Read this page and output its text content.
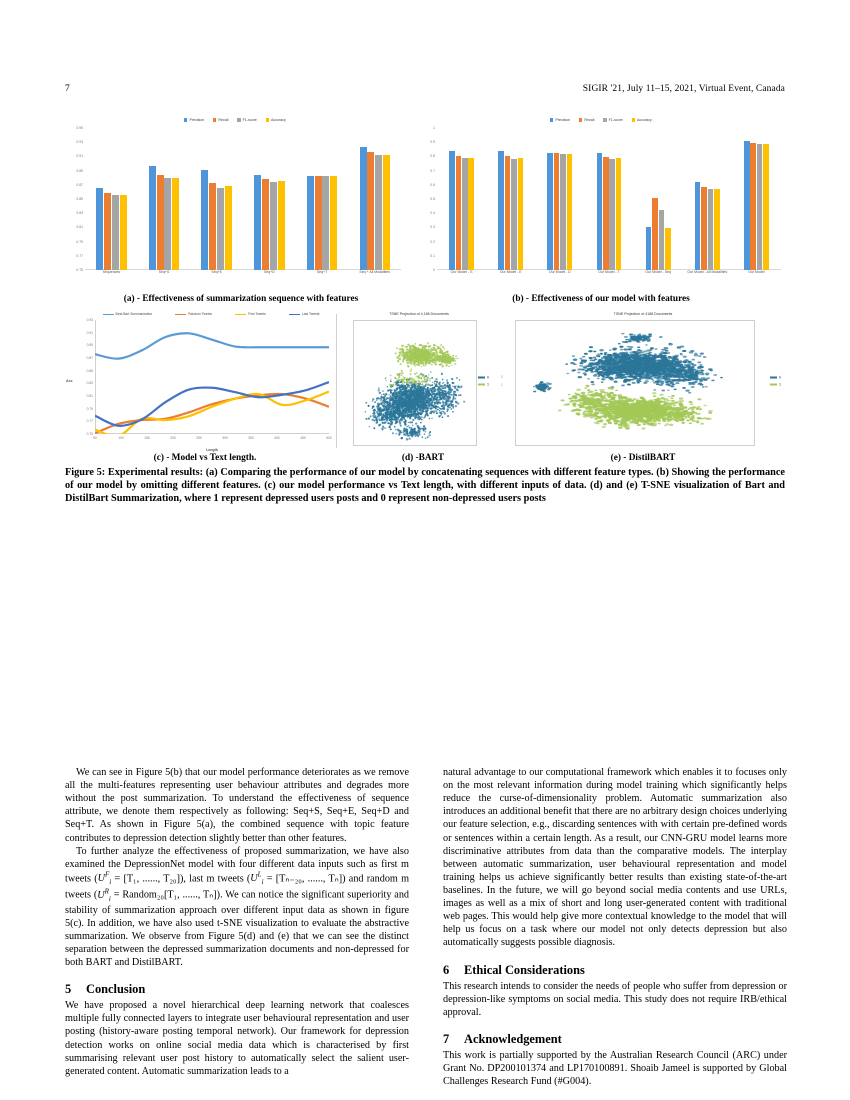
7	SIGIR '21, July 11–15, 2021, Virtual Event, Canada
Precision	Recall	F1-score	Accuracy
0.95
0.93
0.91
0.89
0.87
0.85
0.83
0.81
0.79
0.77
0.75	Sequences	Seq+S	Seq+E	Seq+D	Seq+T	Seq + All Modalities
Precision	Recall	F1-score	Accuracy
1
0.9
0.8
0.7
0.6
0.5
0.4
0.3
0.2
0.1
0	Our Model - S	Our Model - E	Our Model - D	Our Model - T	Our Model - Seq	Our Model - All Modalities	Our Model
(a) - Effectiveness of summarization sequence with features	(b) - Effectiveness of our model with features
Best-Bart Summarization	Random Tweets	First Tweets	Last Tweets
Acc
0.93
0.91
0.89
0.87
0.85
0.83
0.81
0.79
0.77
0.75
50	100	150	200	250	300	350	400	450	500
Length
TSNE Projection of 4,188 Documents
0
1
TSNE Projection of 4188 Documents
0
1
0
1
(c) - Model vs Text length.	(d) -BART	(e) - DistilBART
Figure 5: Experimental results: (a) Comparing the performance of our model by concatenating sequences with different feature types. (b) Showing the performance of our model by omitting different features. (c) our model performance vs Text length, with different inputs of data. (d) and (e) T-SNE visualization of Bart and DistilBart Summarization, where 1 represent depressed users posts and 0 represent non-depressed users posts

We can see in Figure 5(b) that our model performance deteriorates as we remove all the multi-features representing user behaviour attributes and degrades more without the post summarization. To understand the effectiveness of sequence attribute, we denote them respectively as following: Seq+S, Seq+E, Seq+D and Seq+T. As shown in Figure 5(a), the combined sequence with topic feature contributes to depression detection slightly better than other features.

To further analyze the effectiveness of proposed summarization, we have also examined the DepressionNet model with four different data inputs such as first m tweets ($U^F_i = [T_1$, ......, T₂₀]), last m tweets ($U^L_i = [T_{n-20}$, ......, Tₙ]) and random m tweets ($U^R_i$ = Random₂₀[T₁, ......, Tₙ]). We can notice the significant superiority and stability of summarization approach over different input data as shown in figure 5(c). In addition, we have also used t-SNE visualization to evaluate the abstractive summarization. We observe from Figure 5(d) and (e) that we can see the distinct separation between the depressed summarization documents and non-depressed for both BART and DistilBART.

5	Conclusion

We have proposed a novel hierarchical deep learning network that coalesces multiple fully connected layers to integrate user behavioural representation and user posting (history-aware posting temporal network). Our framework for depression detection works on online social media data which is characterised by first summarising relevant user post history to automatically select the salient user-generated content. Automatic summarization leads to a

natural advantage to our computational framework which enables it to focuses only on the most relevant information during model training which significantly helps reduce the curse-of-dimensionality problem. Automatic summarization also introduces an additional benefit that there are no arbitrary design choices underlying our feature selection, e.g., discarding sentences with with certain pre-defined words or sentences within a certain length. As a result, our CNN-GRU model learns more discriminative attributes from data than the comparative models. The interplay between automatic summarization, user behavioural representation and model training helps us achieve significantly better results than existing state-of-the-art baselines. In the future, we will go beyond social media contents and use URLs, images as well as a mix of short and long user-generated content with traditional web pages. This would help give more contextual knowledge to the model that will help us focus on a task where our model not only detects depression but also automatically suggests possible diagnosis.

6	Ethical Considerations

This research intends to consider the needs of people who suffer from depression or depression-like symptoms on social media. This study does not require IRB/ethical approval.

7	Acknowledgement

This work is partially supported by the Australian Research Council (ARC) under Grant No. DP200101374 and LP170100891. Shoaib Jameel is supported by Global Challenges Research Fund (#G004).
